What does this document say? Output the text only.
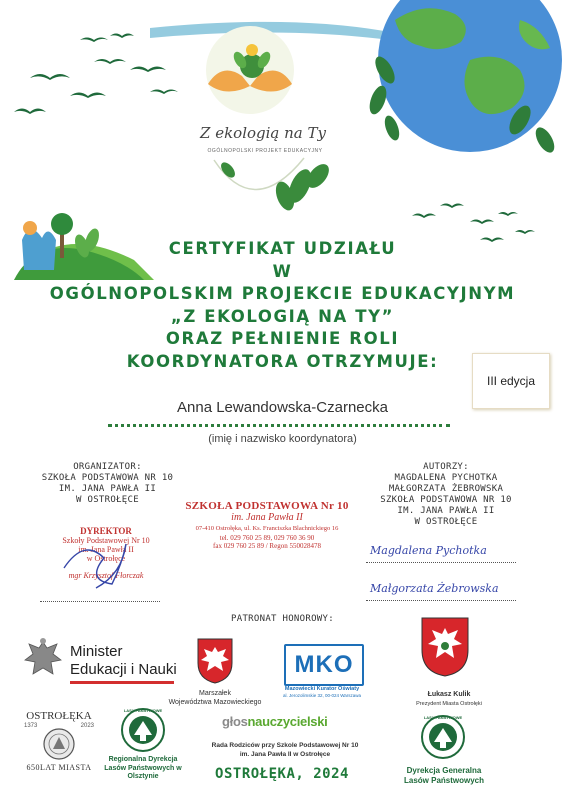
Z ekologią na Ty
OGÓLNOPOLSKI PROJEKT EDUKACYJNY
CERTYFIKAT UDZIAŁU
W
OGÓLNOPOLSKIM PROJEKCIE EDUKACYJNYM
„Z EKOLOGIĄ NA TY”
ORAZ PEŁNIENIE ROLI
KOORDYNATORA OTRZYMUJE:
III edycja
Anna Lewandowska-Czarnecka
(imię i nazwisko koordynatora)
ORGANIZATOR:
SZKOŁA PODSTAWOWA NR 10
IM. JANA PAWŁA II
W OSTROŁĘCE
DYREKTOR
Szkoły Podstawowej Nr 10
im. Jana Pawła II
w Ostrołęce
mgr Krzysztof Fłorczak
SZKOŁA PODSTAWOWA Nr 10
im. Jana Pawła II
07-410 Ostrołęka, ul. Ks. Franciszka Blachnickiego 16
tel. 029 760 25 89, 029 760 36 90
fax 029 760 25 89 / Regon 550028478
AUTORZY:
MAGDALENA PYCHOTKA
MAŁGORZATA ŻEBROWSKA
SZKOŁA PODSTAWOWA NR 10
IM. JANA PAWŁA II
W OSTROŁĘCE
Magdalena Pychotka
Małgorzata Żebrowska
PATRONAT HONOROWY:
Minister
Edukacji i Nauki
Marszałek
Województwa Mazowieckiego
MKO
Mazowiecki Kurator Oświaty
al. Jerozolimskie 32, 00-024 Warszawa	Łukasz Kulik
Prezydent Miasta Ostrołęki
OSTROŁĘKA
1373	2023
650LAT MIASTA
LASY PAŃSTWOWE
Regionalna Dyrekcja
Lasów Państwowych w Olsztynie
głosnauczycielski
Rada Rodziców przy Szkole Podstawowej Nr 10
im. Jana Pawła II w Ostrołęce
OSTROŁĘKA, 2024
LASY PAŃSTWOWE
Dyrekcja Generalna
Lasów Państwowych
